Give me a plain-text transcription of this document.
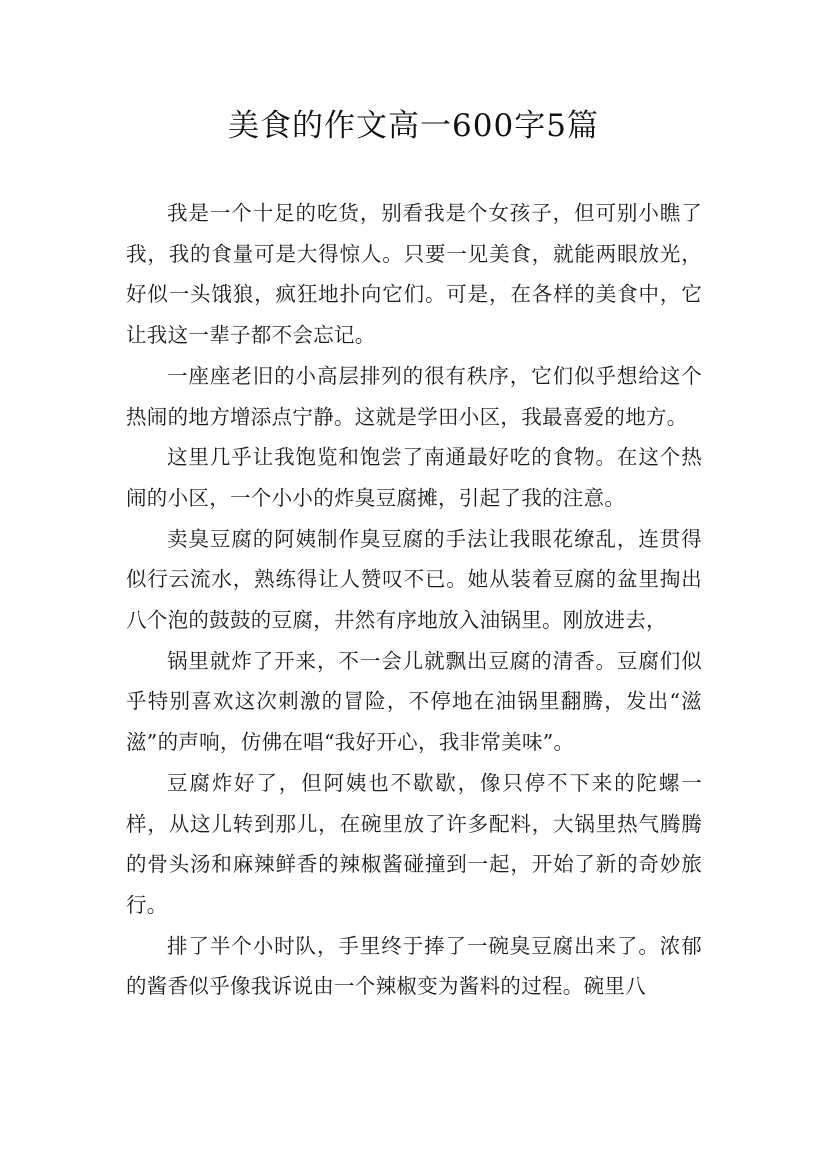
美食的作文高一600字5篇

我是一个十足的吃货，别看我是个女孩子，但可别小瞧了我，我的食量可是大得惊人。只要一见美食，就能两眼放光，好似一头饿狼，疯狂地扑向它们。可是，在各样的美食中，它让我这一辈子都不会忘记。

一座座老旧的小高层排列的很有秩序，它们似乎想给这个热闹的地方增添点宁静。这就是学田小区，我最喜爱的地方。

这里几乎让我饱览和饱尝了南通最好吃的食物。在这个热闹的小区，一个小小的炸臭豆腐摊，引起了我的注意。

卖臭豆腐的阿姨制作臭豆腐的手法让我眼花缭乱，连贯得似行云流水，熟练得让人赞叹不已。她从装着豆腐的盆里掏出八个泡的鼓鼓的豆腐，井然有序地放入油锅里。刚放进去，

锅里就炸了开来，不一会儿就飘出豆腐的清香。豆腐们似乎特别喜欢这次刺激的冒险，不停地在油锅里翻腾，发出“滋滋”的声响，仿佛在唱“我好开心，我非常美味”。

豆腐炸好了，但阿姨也不歇歇，像只停不下来的陀螺一样，从这儿转到那儿，在碗里放了许多配料，大锅里热气腾腾的骨头汤和麻辣鲜香的辣椒酱碰撞到一起，开始了新的奇妙旅行。

排了半个小时队，手里终于捧了一碗臭豆腐出来了。浓郁的酱香似乎像我诉说由一个辣椒变为酱料的过程。碗里八
